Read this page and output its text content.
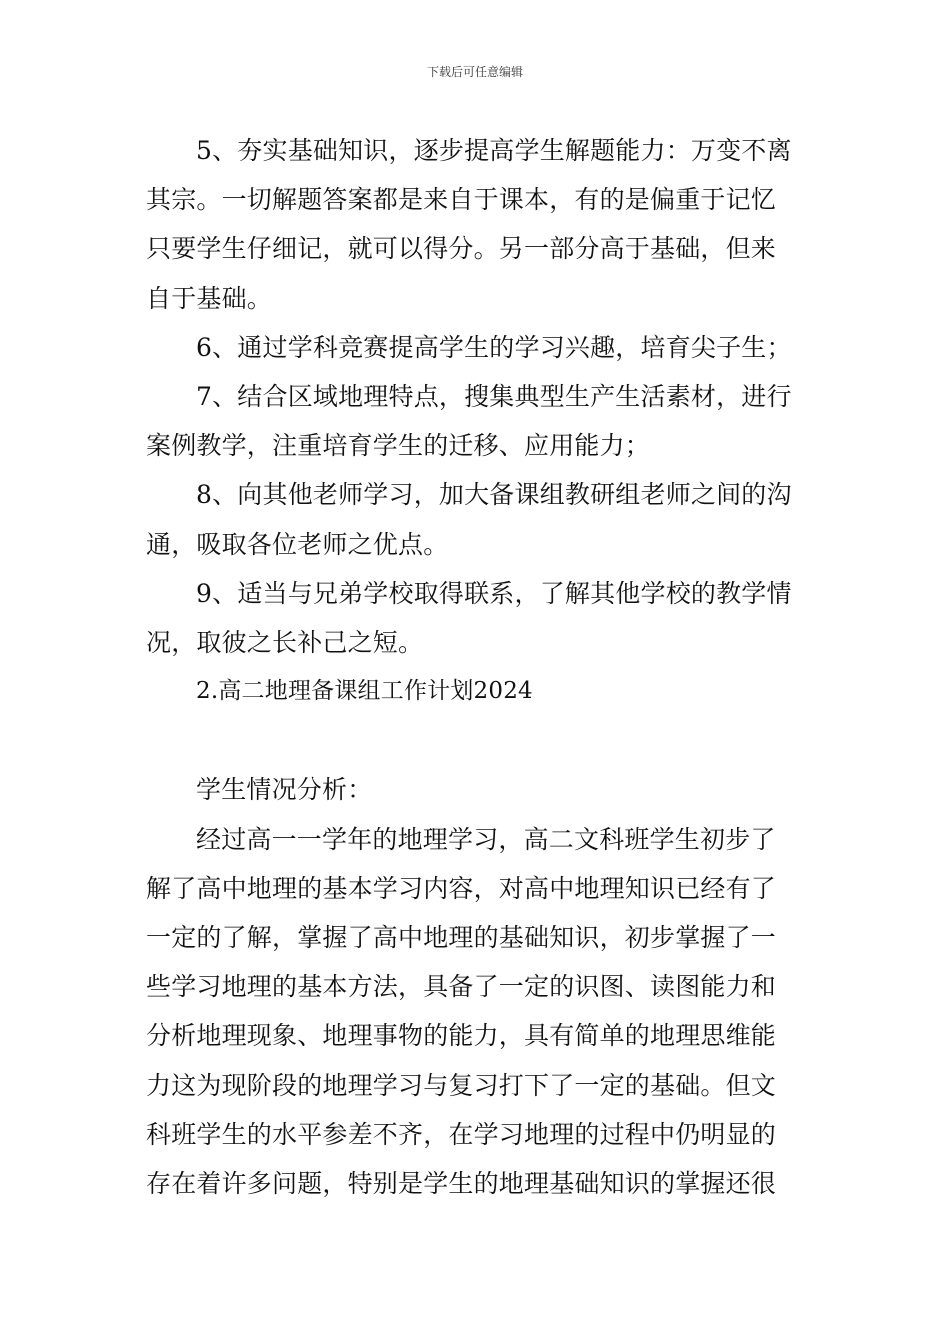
下载后可任意编辑
5、夯实基础知识，逐步提高学生解题能力：万变不离
其宗。一切解题答案都是来自于课本，有的是偏重于记忆
只要学生仔细记，就可以得分。另一部分高于基础，但来
自于基础。
6、通过学科竞赛提高学生的学习兴趣，培育尖子生；
7、结合区域地理特点，搜集典型生产生活素材，进行
案例教学，注重培育学生的迁移、应用能力；
8、向其他老师学习，加大备课组教研组老师之间的沟
通，吸取各位老师之优点。
9、适当与兄弟学校取得联系，了解其他学校的教学情
况，取彼之长补己之短。
2.高二地理备课组工作计划2024
学生情况分析：
经过高一一学年的地理学习，高二文科班学生初步了
解了高中地理的基本学习内容，对高中地理知识已经有了
一定的了解，掌握了高中地理的基础知识，初步掌握了一
些学习地理的基本方法，具备了一定的识图、读图能力和
分析地理现象、地理事物的能力，具有简单的地理思维能
力这为现阶段的地理学习与复习打下了一定的基础。但文
科班学生的水平参差不齐，在学习地理的过程中仍明显的
存在着许多问题，特别是学生的地理基础知识的掌握还很
